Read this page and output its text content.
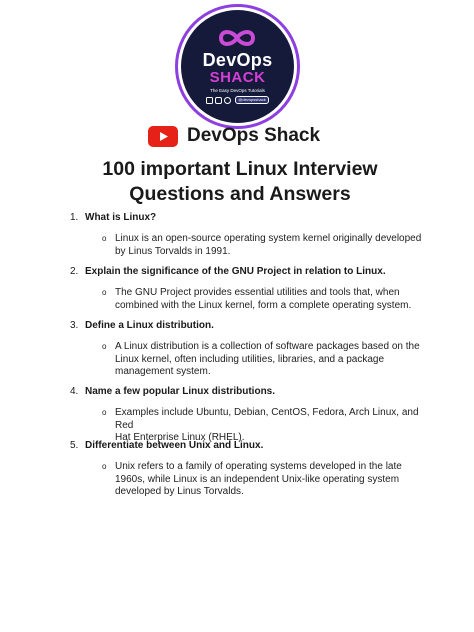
DevOps
SHACK
The Easy DevOps Tutorials
@devopsshack
DevOps Shack
100 important Linux Interview
Questions and Answers
1. What is Linux?
o Linux is an open-source operating system kernel originally developed
by Linus Torvalds in 1991.
2. Explain the significance of the GNU Project in relation to Linux.
o The GNU Project provides essential utilities and tools that, when
combined with the Linux kernel, form a complete operating system.
3. Define a Linux distribution.
o A Linux distribution is a collection of software packages based on the
Linux kernel, often including utilities, libraries, and a package
management system.
4. Name a few popular Linux distributions.
o Examples include Ubuntu, Debian, CentOS, Fedora, Arch Linux, and Red
Hat Enterprise Linux (RHEL).
5. Differentiate between Unix and Linux.
o Unix refers to a family of operating systems developed in the late
1960s, while Linux is an independent Unix-like operating system
developed by Linus Torvalds.
